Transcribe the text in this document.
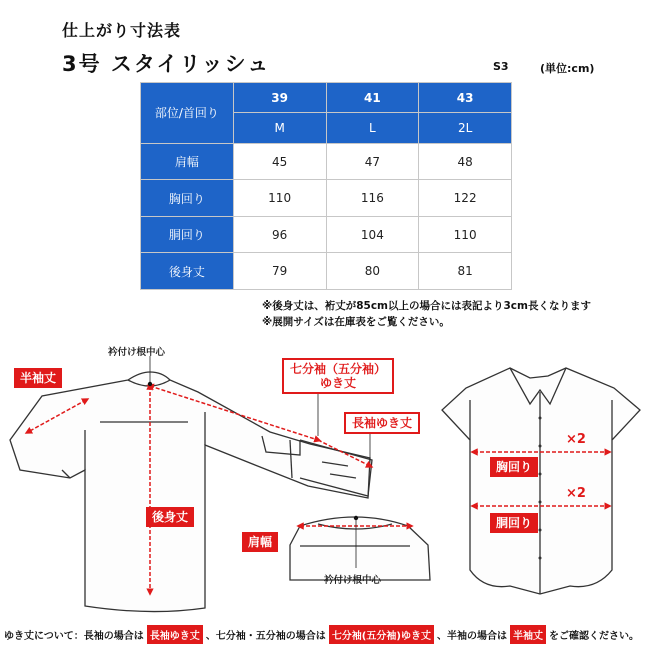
仕上がり寸法表
3号 スタイリッシュ	S3	(単位:cm)
部位/首回り	39	41	43
	M	L	2L
肩幅	45	47	48
胸回り	110	116	122
胴回り	96	104	110
後身丈	79	80	81
※後身丈は、裄丈が85cm以上の場合には表記より3cm長くなります
※展開サイズは在庫表をご覧ください。
衿付け根中心
半袖丈
七分袖（五分袖）
ゆき丈
長袖ゆき丈
後身丈
肩幅
衿付け根中心
胸回り
胴回り
×2
×2
ゆき丈について：長袖の場合は 長袖ゆき丈 、七分袖・五分袖の場合は 七分袖(五分袖)ゆき丈 、半袖の場合は 半袖丈 をご確認ください。
